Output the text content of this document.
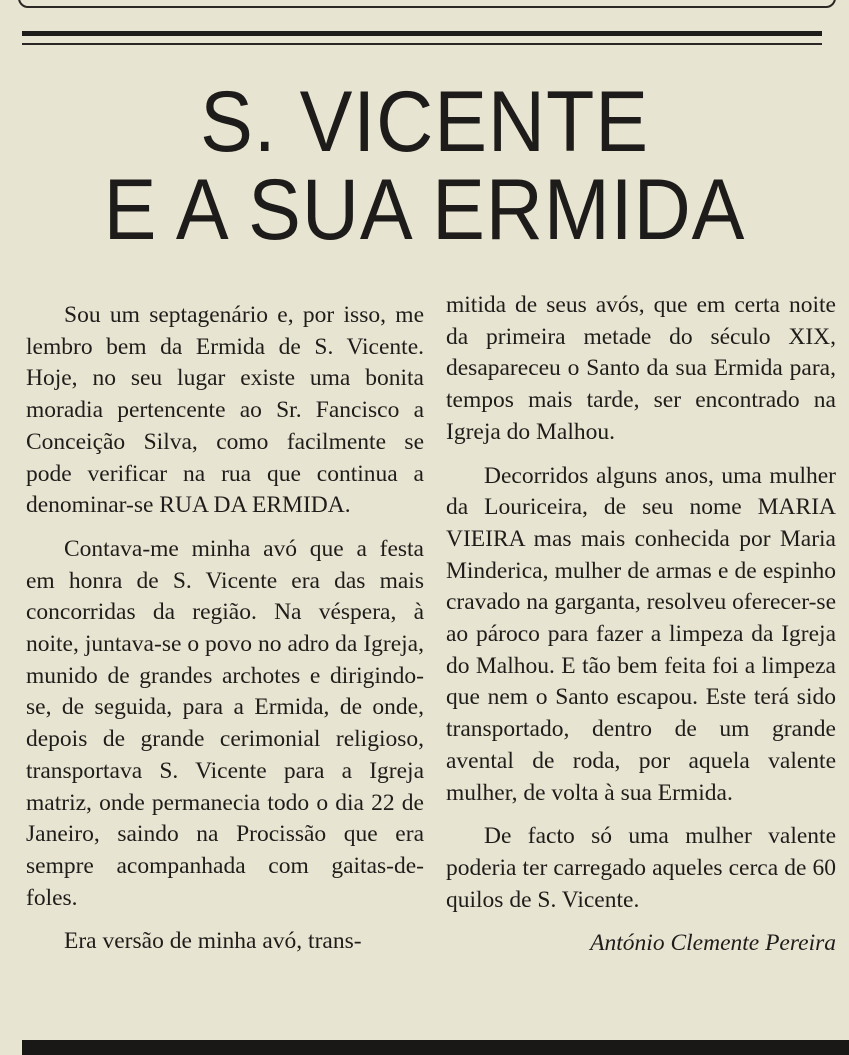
S. VICENTE
E A SUA ERMIDA

Sou um septagenário e, por isso, me lembro bem da Ermida de S. Vicente. Hoje, no seu lugar existe uma bonita moradia pertencente ao Sr. Fancisco a Conceição Silva, como facilmente se pode verificar na rua que continua a denominar-se RUA DA ERMIDA.

Contava-me minha avó que a festa em honra de S. Vicente era das mais concorridas da região. Na véspera, à noite, juntava-se o povo no adro da Igreja, munido de grandes archotes e dirigindo-se, de seguida, para a Ermida, de onde, depois de grande cerimonial religioso, transportava S. Vicente para a Igreja matriz, onde permanecia todo o dia 22 de Janeiro, saindo na Procissão que era sempre acompanhada com gaitas-de-foles.

Era versão de minha avó, trans-

mitida de seus avós, que em certa noite da primeira metade do século XIX, desapareceu o Santo da sua Ermida para, tempos mais tarde, ser encontrado na Igreja do Malhou.

Decorridos alguns anos, uma mulher da Louriceira, de seu nome MARIA VIEIRA mas mais conhecida por Maria Minderica, mulher de armas e de espinho cravado na garganta, resolveu oferecer-se ao pároco para fazer a limpeza da Igreja do Malhou. E tão bem feita foi a limpeza que nem o Santo escapou. Este terá sido transportado, dentro de um grande avental de roda, por aquela valente mulher, de volta à sua Ermida.

De facto só uma mulher valente poderia ter carregado aqueles cerca de 60 quilos de S. Vicente.

António Clemente Pereira
